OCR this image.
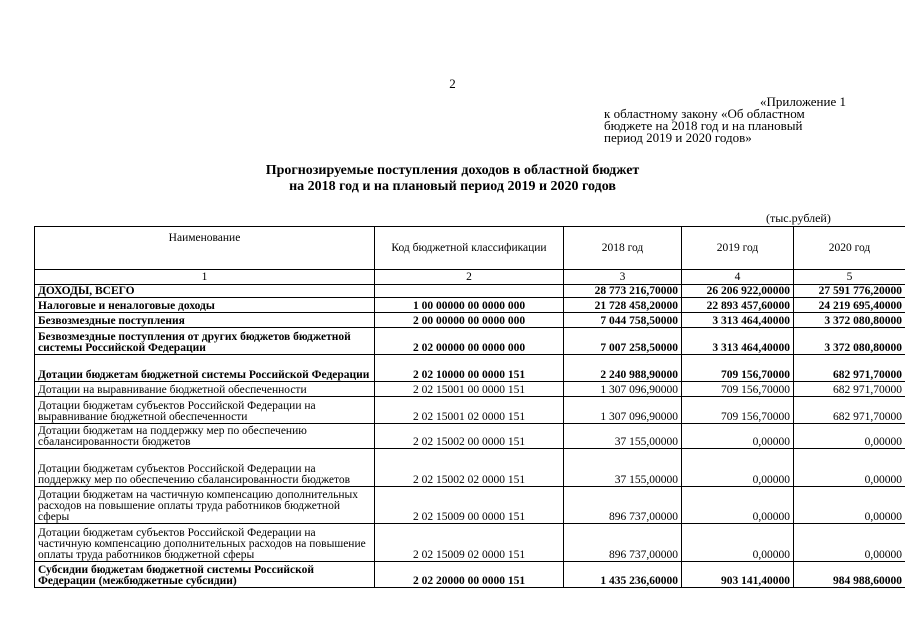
2
«Приложение 1
к областному закону «Об областном
бюджете на 2018 год и на плановый
период 2019 и 2020 годов»
Прогнозируемые поступления доходов в областной бюджет
на 2018 год и на плановый период 2019 и 2020 годов
(тыс.рублей)
Наименование	Код бюджетной классификации	2018 год	2019 год	2020 год
1	2	3	4	5
ДОХОДЫ, ВСЕГО		28 773 216,70000	26 206 922,00000	27 591 776,20000
Налоговые и неналоговые доходы	1 00 00000 00 0000 000	21 728 458,20000	22 893 457,60000	24 219 695,40000
Безвозмездные поступления	2 00 00000 00 0000 000	7 044 758,50000	3 313 464,40000	3 372 080,80000
Безвозмездные поступления от других бюджетов бюджетной системы Российской Федерации	2 02 00000 00 0000 000	7 007 258,50000	3 313 464,40000	3 372 080,80000
Дотации бюджетам бюджетной системы Российской Федерации	2 02 10000 00 0000 151	2 240 988,90000	709 156,70000	682 971,70000
Дотации на выравнивание бюджетной обеспеченности	2 02 15001 00 0000 151	1 307 096,90000	709 156,70000	682 971,70000
Дотации бюджетам субъектов Российской Федерации на выравнивание бюджетной обеспеченности	2 02 15001 02 0000 151	1 307 096,90000	709 156,70000	682 971,70000
Дотации бюджетам на поддержку мер по обеспечению сбалансированности бюджетов	2 02 15002 00 0000 151	37 155,00000	0,00000	0,00000
Дотации бюджетам субъектов Российской Федерации на поддержку мер по обеспечению сбалансированности бюджетов	2 02 15002 02 0000 151	37 155,00000	0,00000	0,00000
Дотации бюджетам на частичную компенсацию дополнительных расходов на повышение оплаты труда работников бюджетной сферы	2 02 15009 00 0000 151	896 737,00000	0,00000	0,00000
Дотации бюджетам субъектов Российской Федерации на частичную компенсацию дополнительных расходов на повышение оплаты труда работников бюджетной сферы	2 02 15009 02 0000 151	896 737,00000	0,00000	0,00000
Субсидии бюджетам бюджетной системы Российской Федерации (межбюджетные субсидии)	2 02 20000 00 0000 151	1 435 236,60000	903 141,40000	984 988,60000
